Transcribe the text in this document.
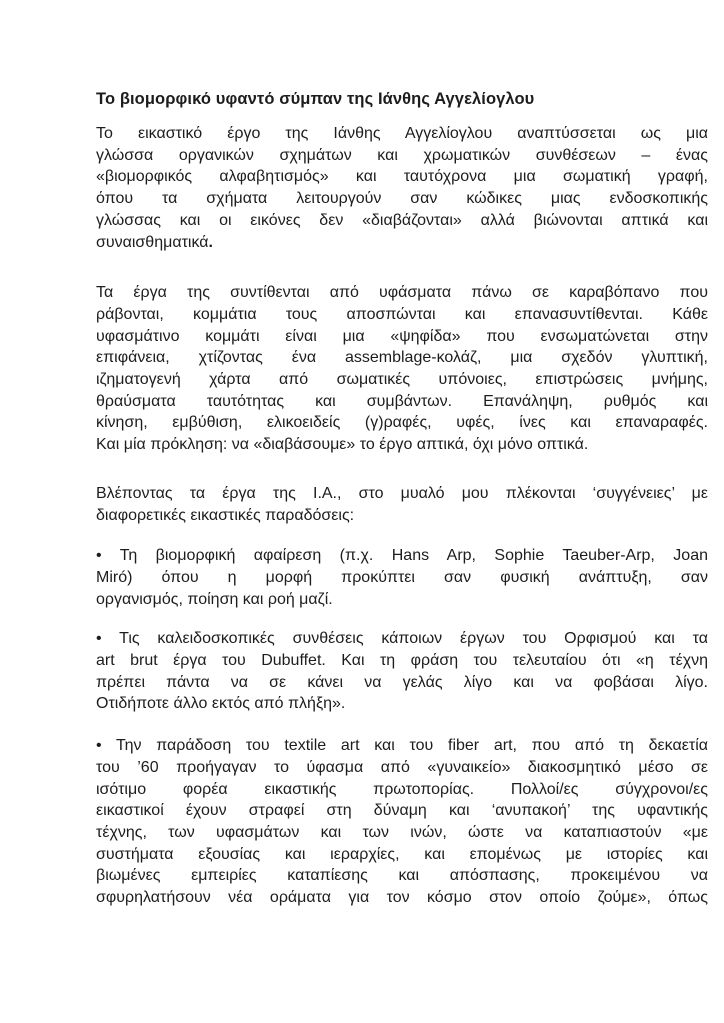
Το βιομορφικό υφαντό σύμπαν της Ιάνθης Αγγελίογλου

Το εικαστικό έργο της Ιάνθης Αγγελίογλου αναπτύσσεται ως μια
γλώσσα οργανικών σχημάτων και χρωματικών συνθέσεων – ένας
«βιομορφικός αλφαβητισμός» και ταυτόχρονα μια σωματική γραφή,
όπου τα σχήματα λειτουργούν σαν κώδικες μιας ενδοσκοπικής
γλώσσας και οι εικόνες δεν «διαβάζονται» αλλά βιώνονται απτικά και
συναισθηματικά.

Τα έργα της συντίθενται από υφάσματα πάνω σε καραβόπανο που
ράβονται, κομμάτια τους αποσπώνται και επανασυντίθενται. Κάθε
υφασμάτινο κομμάτι είναι μια «ψηφίδα» που ενσωματώνεται στην
επιφάνεια, χτίζοντας ένα assemblage-κολάζ, μια σχεδόν γλυπτική,
ιζηματογενή χάρτα από σωματικές υπόνοιες, επιστρώσεις μνήμης,
θραύσματα ταυτότητας και συμβάντων. Επανάληψη, ρυθμός και
κίνηση, εμβύθιση, ελικοειδείς (γ)ραφές, υφές, ίνες και επαναραφές.
Και μία πρόκληση: να «διαβάσουμε» το έργο απτικά, όχι μόνο οπτικά.

Βλέποντας τα έργα της Ι.Α., στο μυαλό μου πλέκονται ‘συγγένειες’ με
διαφορετικές εικαστικές παραδόσεις:

• Τη βιομορφική αφαίρεση (π.χ. Hans Arp, Sophie Taeuber-Arp, Joan
Miró) όπου η μορφή προκύπτει σαν φυσική ανάπτυξη, σαν
οργανισμός, ποίηση και ροή μαζί.

• Τις καλειδοσκοπικές συνθέσεις κάποιων έργων του Ορφισμού και τα
art brut έργα του Dubuffet. Και τη φράση του τελευταίου ότι «η τέχνη
πρέπει πάντα να σε κάνει να γελάς λίγο και να φοβάσαι λίγο.
Οτιδήποτε άλλο εκτός από πλήξη».

• Την παράδοση του textile art και του fiber art, που από τη δεκαετία
του ’60 προήγαγαν το ύφασμα από «γυναικείο» διακοσμητικό μέσο σε
ισότιμο φορέα εικαστικής πρωτοπορίας. Πολλοί/ες σύγχρονοι/ες
εικαστικοί έχουν στραφεί στη δύναμη και ‘ανυπακοή’ της υφαντικής
τέχνης, των υφασμάτων και των ινών, ώστε να καταπιαστούν «με
συστήματα εξουσίας και ιεραρχίες, και επομένως με ιστορίες και
βιωμένες εμπειρίες καταπίεσης και απόσπασης, προκειμένου να
σφυρηλατήσουν νέα οράματα για τον κόσμο στον οποίο ζούμε», όπως
